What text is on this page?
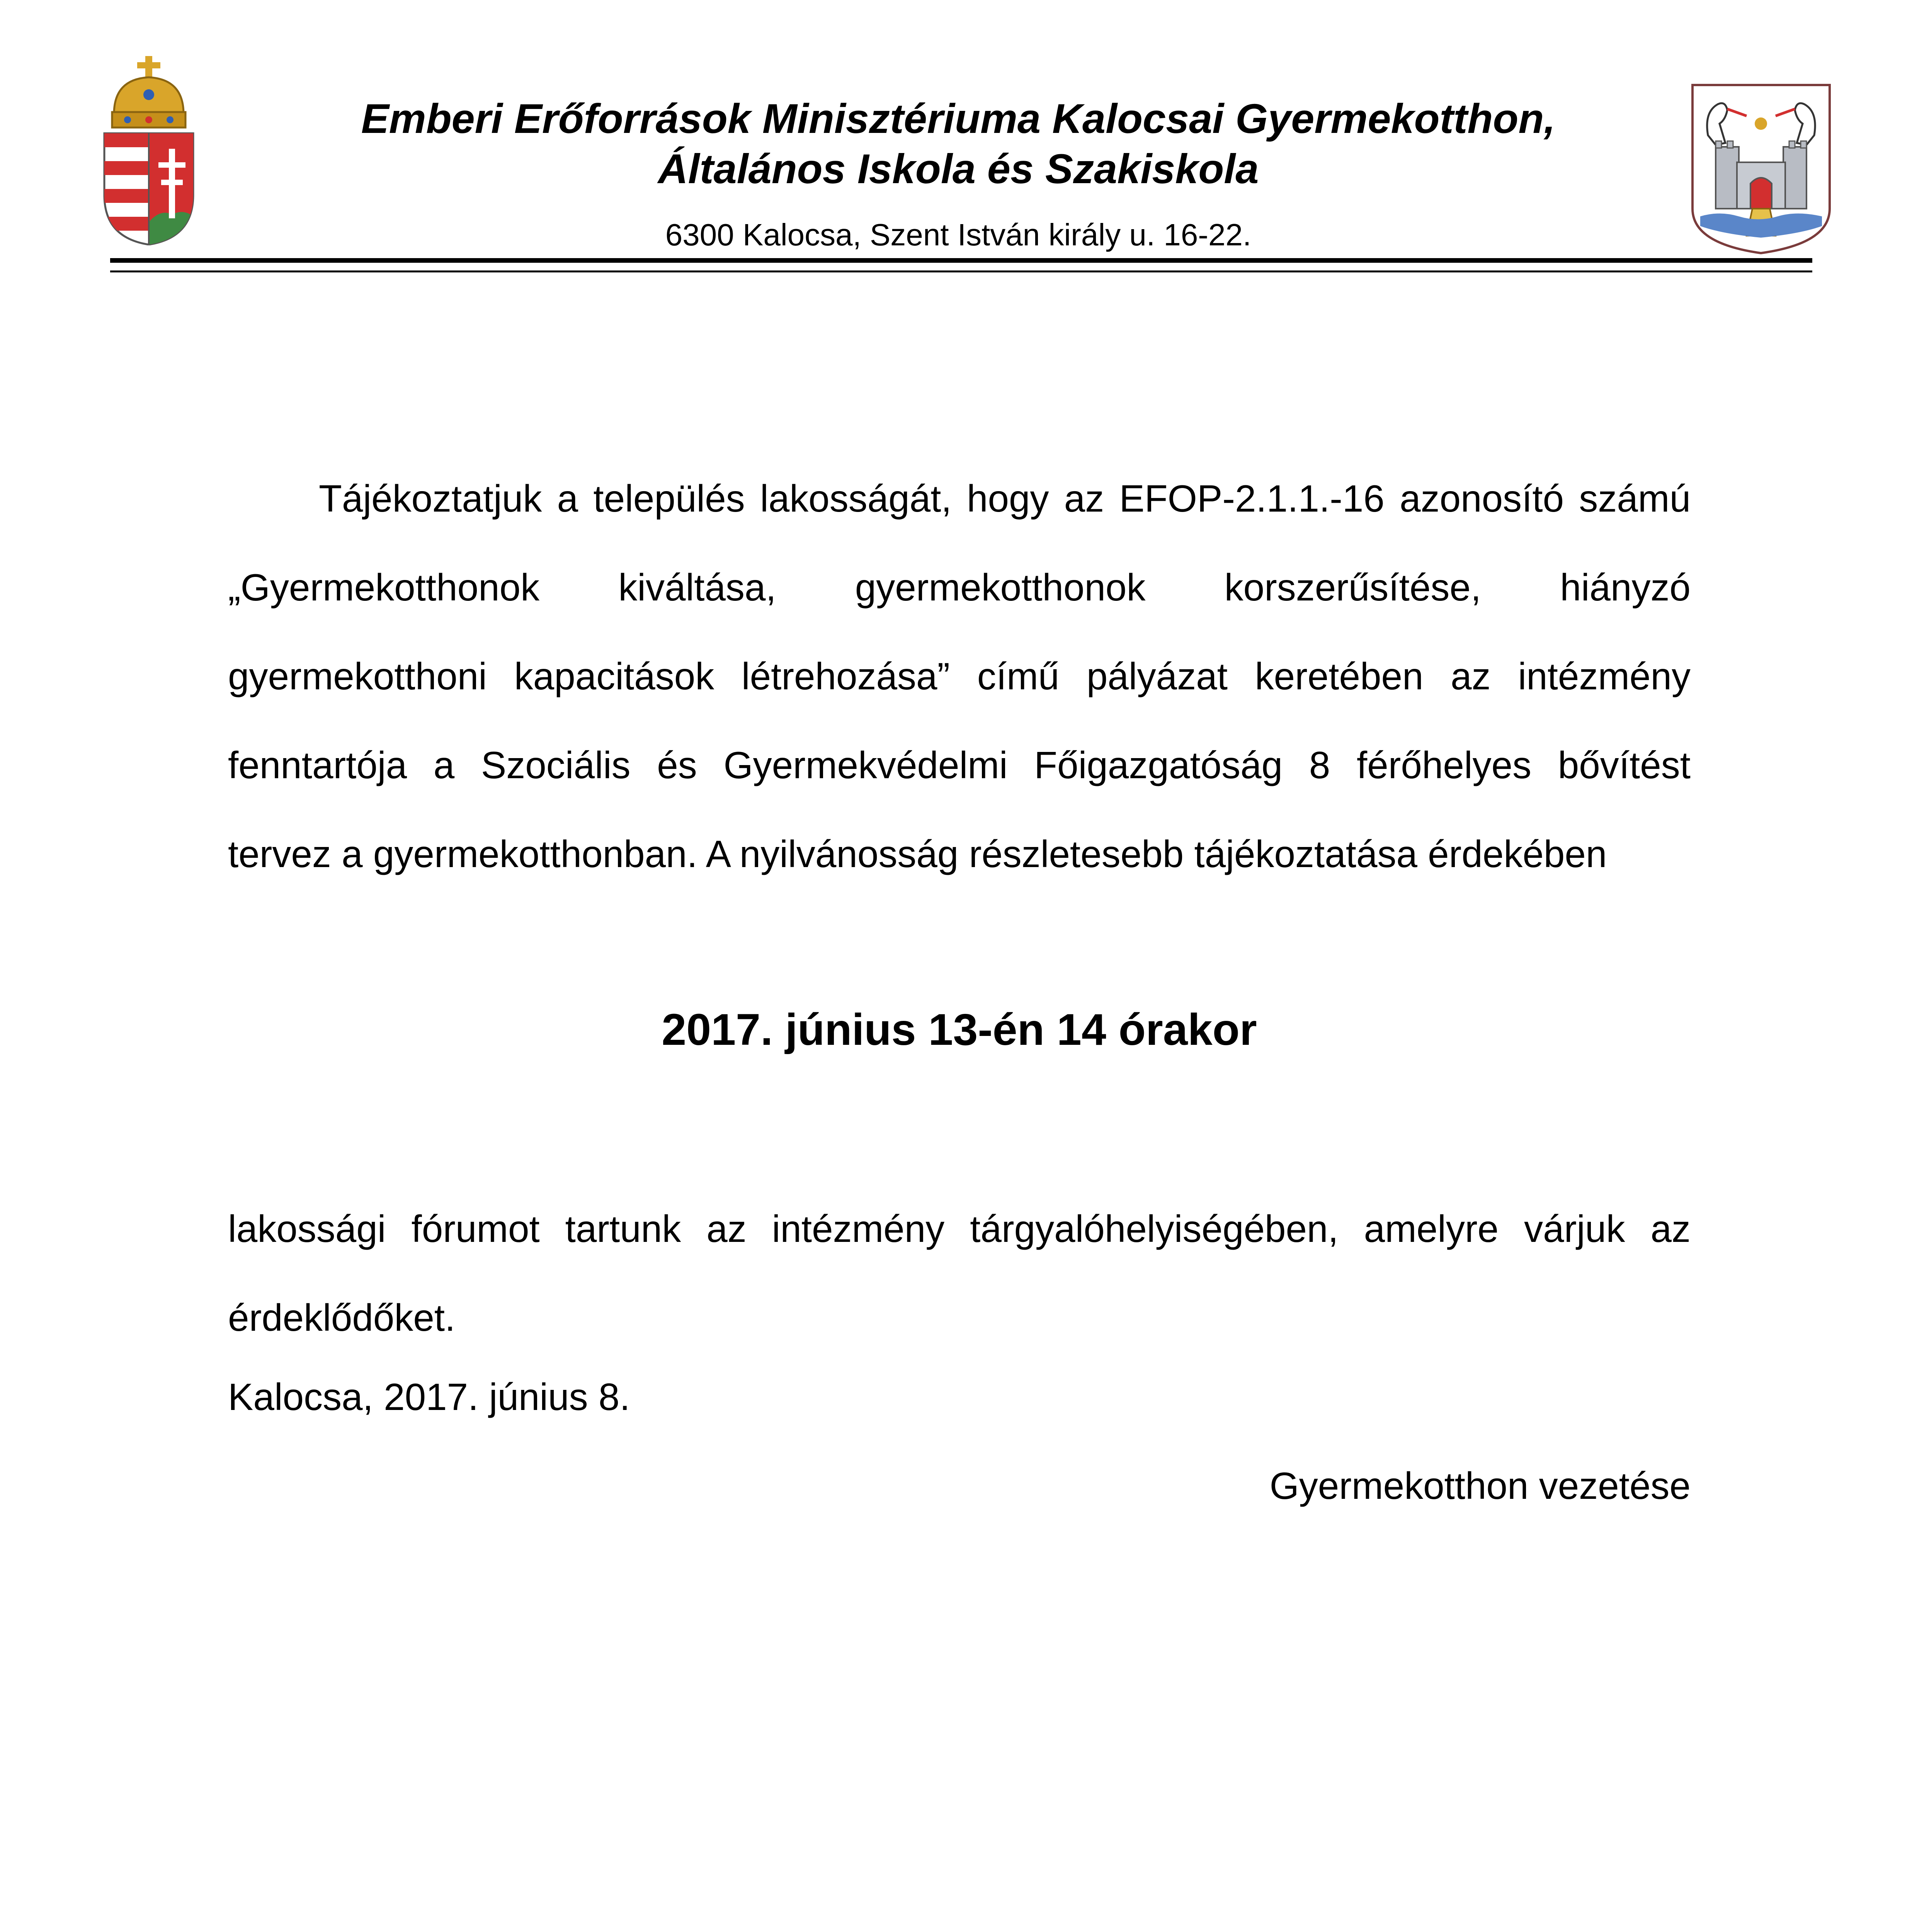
Emberi Erőforrások Minisztériuma Kalocsai Gyermekotthon,
Általános Iskola és Szakiskola
6300 Kalocsa, Szent István király u. 16-22.
Tájékoztatjuk a település lakosságát, hogy az EFOP-2.1.1.-16 azonosító számú
„Gyermekotthonok kiváltása, gyermekotthonok korszerűsítése, hiányzó
gyermekotthoni kapacitások létrehozása” című pályázat keretében az intézmény
fenntartója a Szociális és Gyermekvédelmi Főigazgatóság 8 férőhelyes bővítést
tervez a gyermekotthonban. A nyilvánosság részletesebb tájékoztatása érdekében
2017. június 13-én 14 órakor
lakossági fórumot tartunk az intézmény tárgyalóhelyiségében, amelyre várjuk az
érdeklődőket.
Kalocsa, 2017. június 8.
Gyermekotthon vezetése
